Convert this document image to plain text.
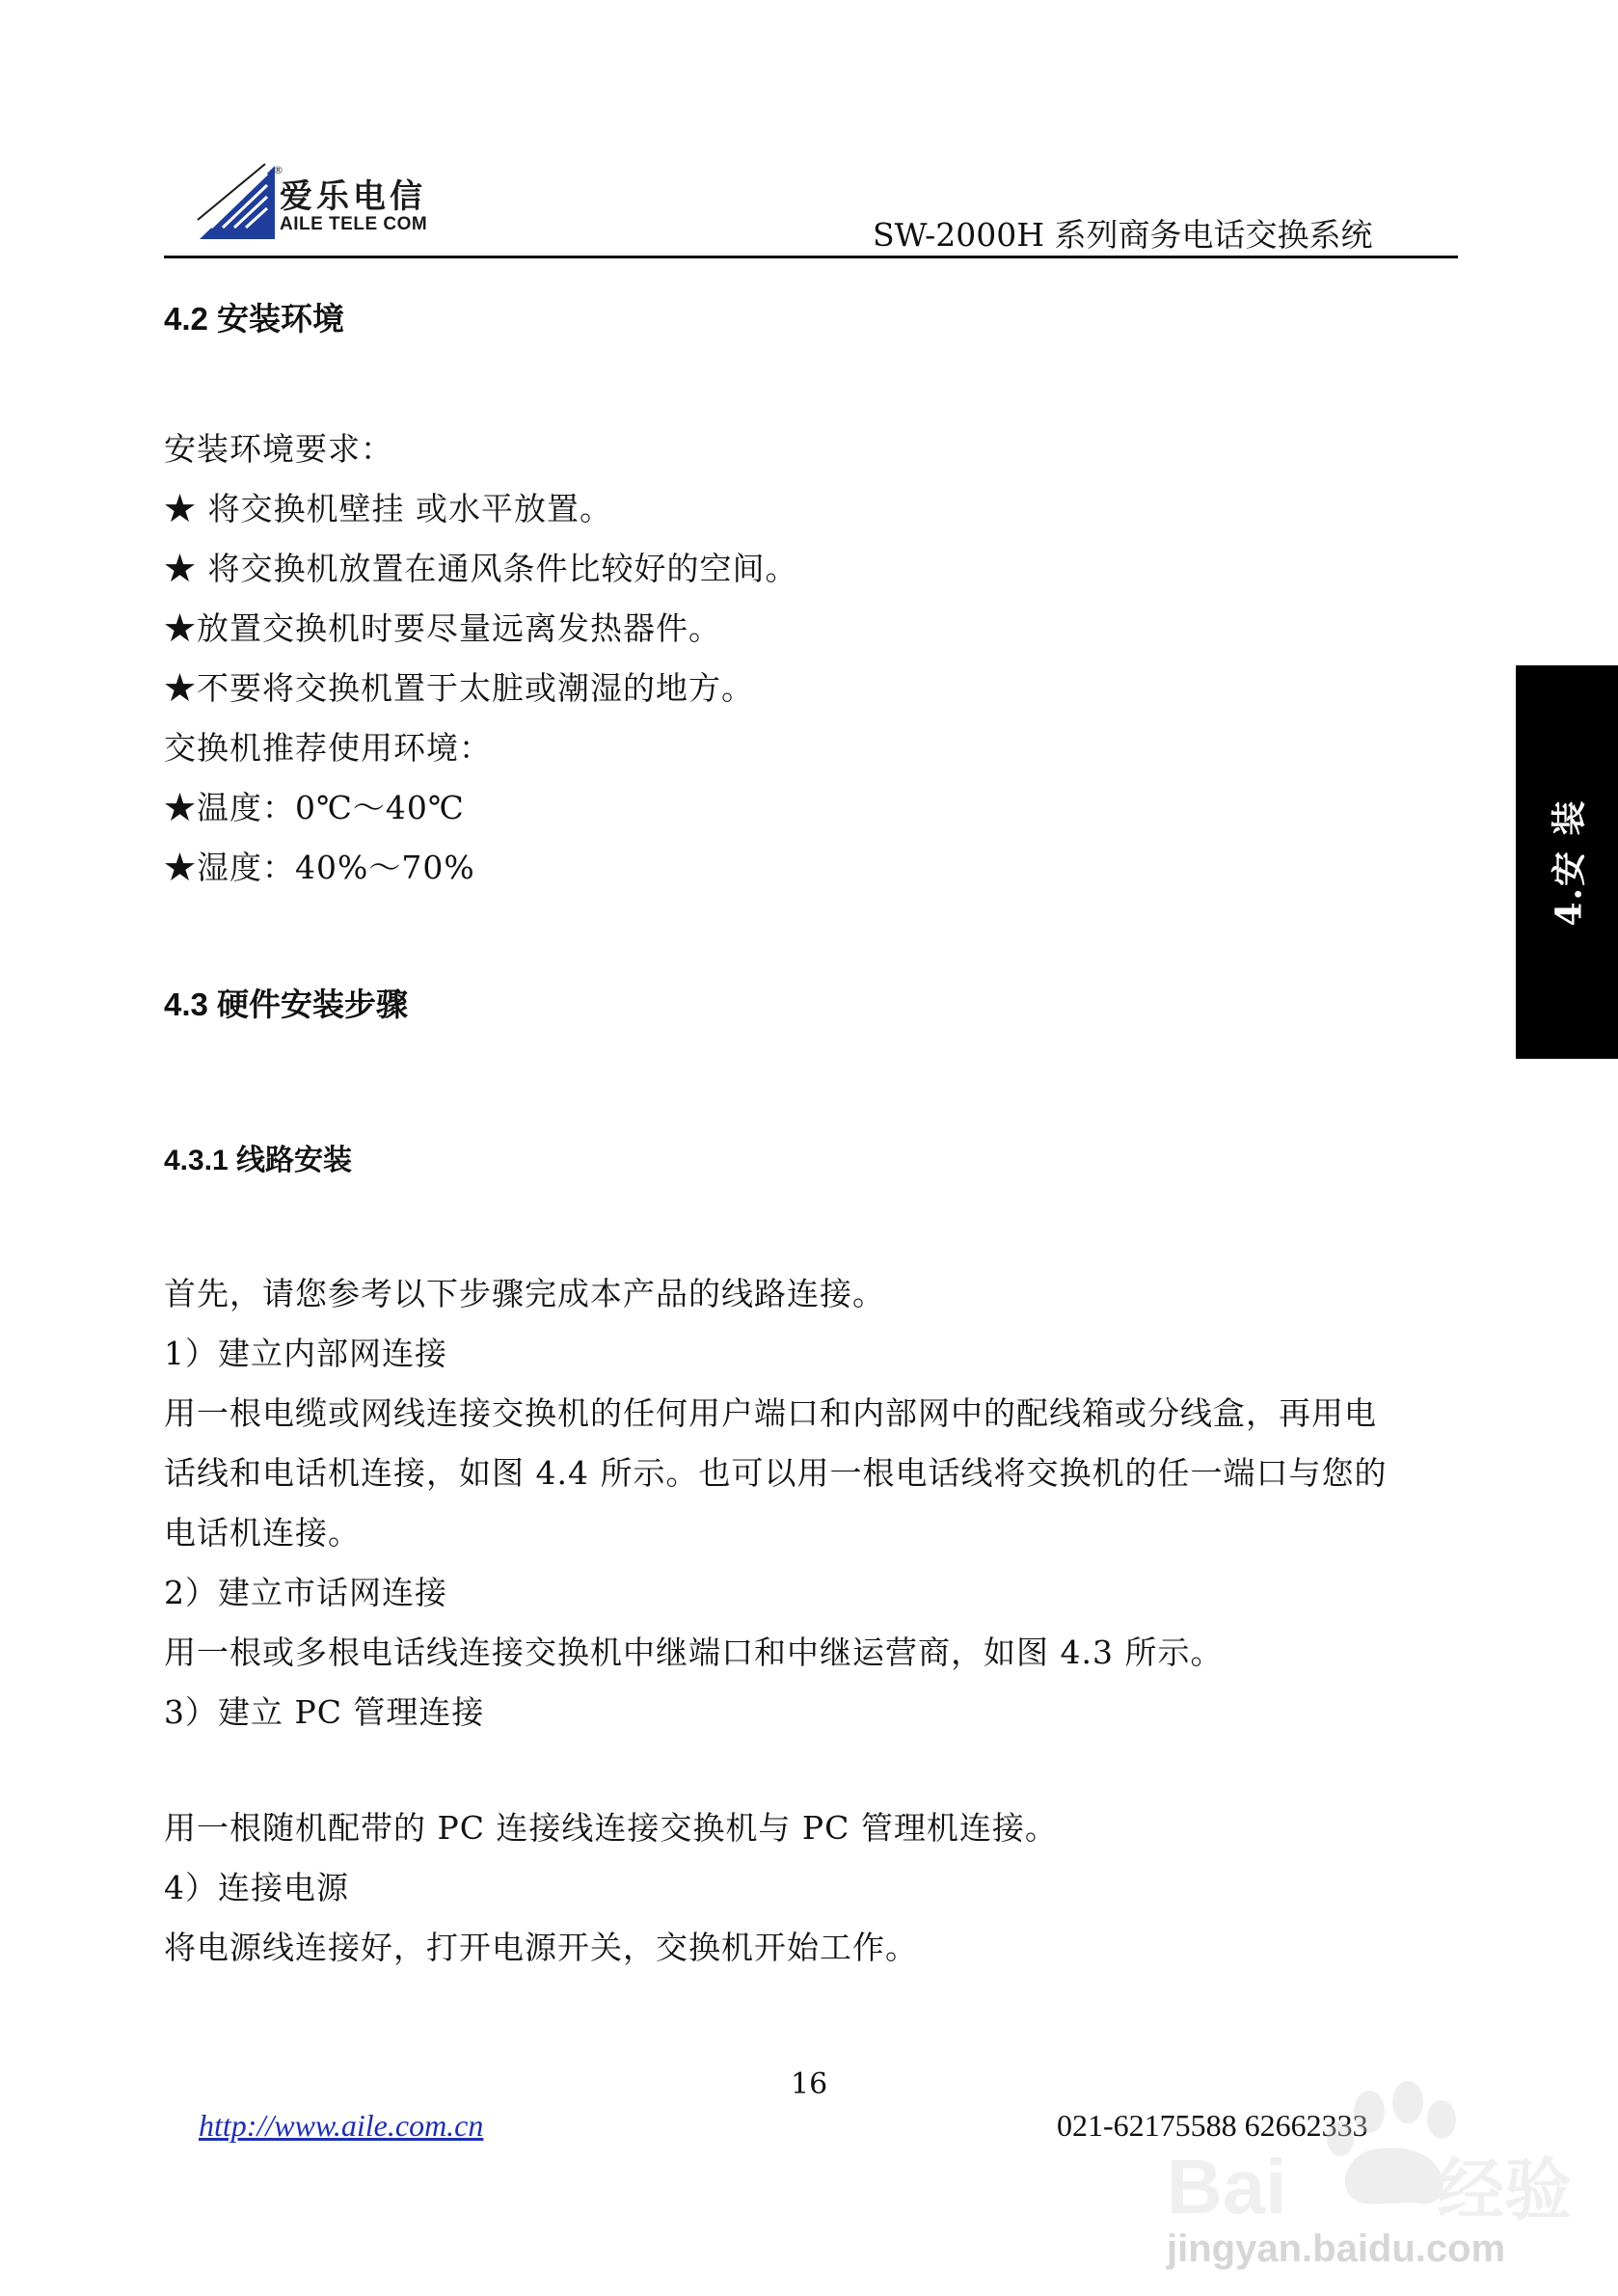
®
爱乐电信
AILE TELE COM	SW-2000H 系列商务电话交换系统
4.2 安装环境
安装环境要求：
★ 将交换机壁挂 或水平放置。
★ 将交换机放置在通风条件比较好的空间。
★放置交换机时要尽量远离发热器件。
★不要将交换机置于太脏或潮湿的地方。
交换机推荐使用环境：
★温度：0℃～40℃
★湿度：40%～70%
4.3 硬件安装步骤
4.3.1 线路安装
首先，请您参考以下步骤完成本产品的线路连接。
1）建立内部网连接
用一根电缆或网线连接交换机的任何用户端口和内部网中的配线箱或分线盒，再用电
话线和电话机连接，如图 4.4 所示。也可以用一根电话线将交换机的任一端口与您的
电话机连接。
2）建立市话网连接
用一根或多根电话线连接交换机中继端口和中继运营商，如图 4.3 所示。
3）建立 PC 管理连接
用一根随机配带的 PC 连接线连接交换机与 PC 管理机连接。
4）连接电源
将电源线连接好，打开电源开关，交换机开始工作。
4.安 装
16
http://www.aile.com.cn	021-62175588 62662333
Bai 经验
jingyan.baidu.com
